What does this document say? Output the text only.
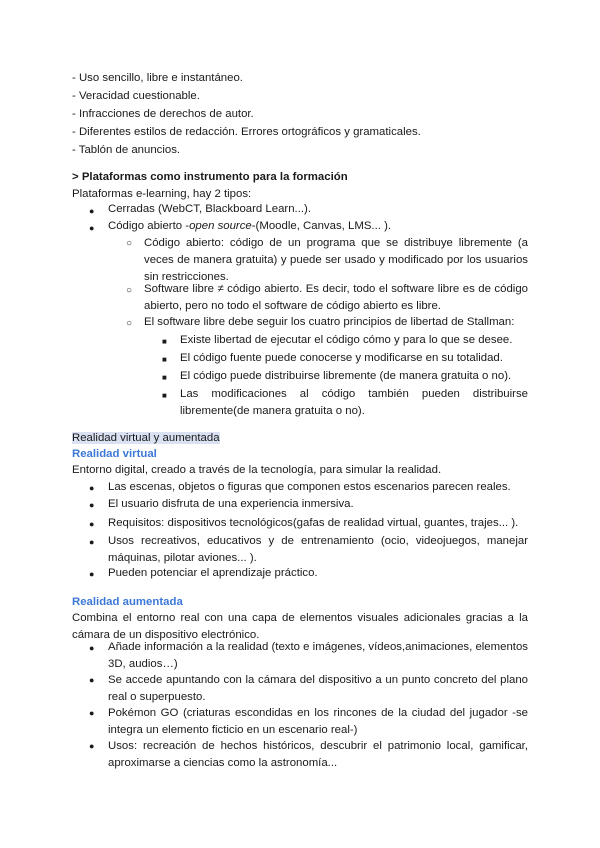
- Uso sencillo, libre e instantáneo.
- Veracidad cuestionable.
- Infracciones de derechos de autor.
- Diferentes estilos de redacción. Errores ortográficos y gramaticales.
- Tablón de anuncios.
> Plataformas como instrumento para la formación
Plataformas e-learning, hay 2 tipos:
● Cerradas (WebCT, Blackboard Learn...).
● Código abierto -open source-(Moodle, Canvas, LMS... ).
○ Código abierto: código de un programa que se distribuye libremente (a veces de manera gratuita) y puede ser usado y modificado por los usuarios sin restricciones.
○ Software libre ≠ código abierto. Es decir, todo el software libre es de código abierto, pero no todo el software de código abierto es libre.
○ El software libre debe seguir los cuatro principios de libertad de Stallman:
■ Existe libertad de ejecutar el código cómo y para lo que se desee.
■ El código fuente puede conocerse y modificarse en su totalidad.
■ El código puede distribuirse libremente (de manera gratuita o no).
■ Las modificaciones al código también pueden distribuirse libremente(de manera gratuita o no).
Realidad virtual y aumentada
Realidad virtual
Entorno digital, creado a través de la tecnología, para simular la realidad.
● Las escenas, objetos o figuras que componen estos escenarios parecen reales.
● El usuario disfruta de una experiencia inmersiva.
● Requisitos: dispositivos tecnológicos(gafas de realidad virtual, guantes, trajes... ).
● Usos recreativos, educativos y de entrenamiento (ocio, videojuegos, manejar máquinas, pilotar aviones... ).
● Pueden potenciar el aprendizaje práctico.
Realidad aumentada
Combina el entorno real con una capa de elementos visuales adicionales gracias a la cámara de un dispositivo electrónico.
● Añade información a la realidad (texto e imágenes, vídeos,animaciones, elementos 3D, audios…)
● Se accede apuntando con la cámara del dispositivo a un punto concreto del plano real o superpuesto.
● Pokémon GO (criaturas escondidas en los rincones de la ciudad del jugador -se integra un elemento ficticio en un escenario real-)
● Usos: recreación de hechos históricos, descubrir el patrimonio local, gamificar, aproximarse a ciencias como la astronomía...
